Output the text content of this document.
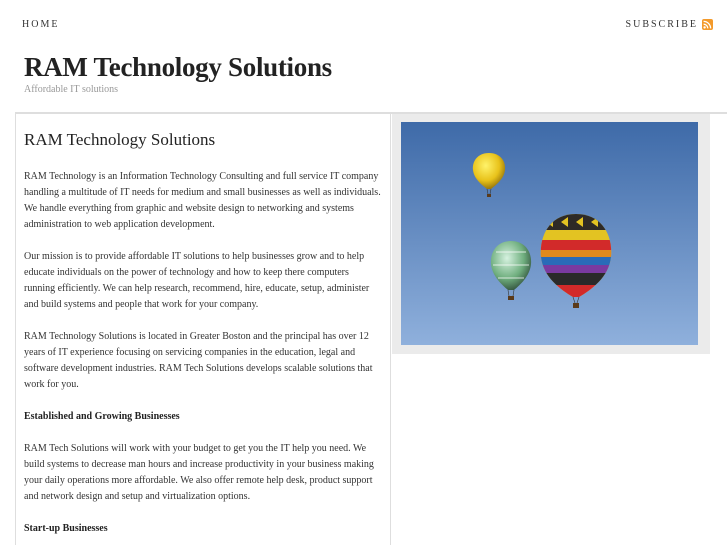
HOME	SUBSCRIBE
RAM Technology Solutions
Affordable IT solutions
RAM Technology Solutions

RAM Technology is an Information Technology Consulting and full service IT company handling a multitude of IT needs for medium and small businesses as well as individuals. We handle everything from graphic and website design to networking and systems administration to web application development.

Our mission is to provide affordable IT solutions to help businesses grow and to help educate individuals on the power of technology and how to keep there computers running efficiently. We can help research, recommend, hire, educate, setup, administer and build systems and people that work for your company.

RAM Technology Solutions is located in Greater Boston and the principal has over 12 years of IT experience focusing on servicing companies in the education, legal and software development industries. RAM Tech Solutions develops scalable solutions that work for you.

Established and Growing Businesses

RAM Tech Solutions will work with your budget to get you the IT help you need. We build systems to decrease man hours and increase productivity in your business making your daily operations more affordable. We also offer remote help desk, product support and network design and setup and virtualization options.

Start-up Businesses
